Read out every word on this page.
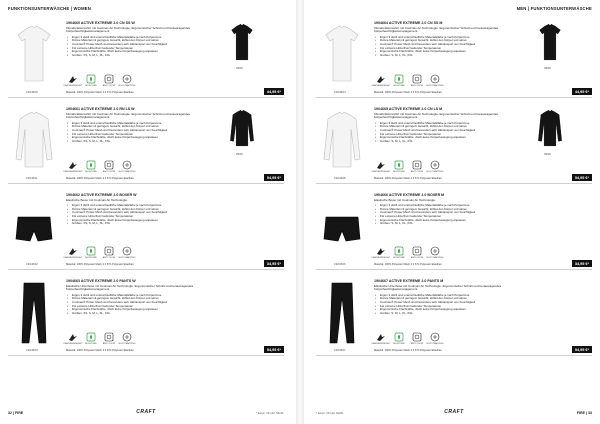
FUNKTIONSUNTERWÄSCHE | WOMEN
1904660
1904660 ACTIVE EXTREME 2.0 CN SS W
Klimafunktionsshirt mit Coolmax Air Technologie. Ergonomischer Schnitt und herausragendes Körperfeuchtigkeitsmanagement.
• Ergon 3 dstrlt und unterschiedliche Materialstärke je nach Körperzone
• Dünne Material mit geringem Gewicht, kühlet den Körper und atmet.
• Coolmax® Power Mesh sind besonders sehr Akkransport von Feuchtigkeit
• Für extreme Hitze/Kurz laufender Temperaturen
• Ergonomische Flachnähte, dlsch keine Körperbewegung anpassen
• Größen: XS, S, M, L, XL, XXL
FEATHERWEIGHT MOISTURE	ANTI ODOR BODY MAPPING
Material: 100% Polyester Mesh 2 0 8 % Polyester Elasthan
9999
44,95 €*
1904661
1904661 ACTIVE EXTREME 2.0 RN LS W
Klimafunktionsshirt mit Coolmax Air Technologie. Ergonomischer Schnitt und herausragendes Körperfeuchtigkeitsmanagement.
• Ergon 3 dstrlt und unterschiedliche Materialstärke je nach Körperzone
• Dünne Material mit geringem Gewicht, kühlet den Körper und atmet.
• Coolmax® Power Mesh sind besonders sehr Akkransport von Feuchtigkeit
• Für extreme Hitze/Kurz laufender Temperaturen
• Ergonomische Flachnähte, dlsch keine Körperbewegung anpassen
• Größen: XS, S, M, L, XL, XXL
FEATHERWEIGHT MOISTURE	ANTI ODOR BODY MAPPING
Material: 100% Polyester Mesh 2 0 8 % Polyester Elasthan
9999
54,95 €*
1904662
1904662 ACTIVE EXTREME 2.0 BOXER W
Elastische Boxer mit Coolmax Air Technologie.
• Ergon 3 dstrlt und unterschiedliche Materialstärke je nach Körperzone
• Dünne Material mit geringem Gewicht, kühlet den Körper und atmet.
• Coolmax® Power Mesh sind besonders sehr Akkransport von Feuchtigkeit
• Für extreme Hitze/Kurz laufender Temperaturen
• Ergonomische Flachnähte, dlsch keine Körperbewegung anpassen
• Größen: XS, S, M, L, XL, XXL
FEATHERWEIGHT MOISTURE	ANTI ODOR BODY MAPPING
Material: 100% Polyester Mesh 2 0 8 % Polyester Elasthan	34,95 €*
1904663
1904663 ACTIVE EXTREME 2.0 PANTS W
Elastische Unterhose mit Coolmax Air Technologie. Ergonomischer Schnitt und herausragendes Körperfeuchtigkeitsmanagement.
• Ergon 3 dstrlt und unterschiedliche Materialstärke je nach Körperzone
• Dünne Material mit geringem Gewicht, kühlet den Körper und atmet.
• Coolmax® Power Mesh sind besonders sehr Akkransport von Feuchtigkeit
• Für extreme Hitze/Kurz laufender Temperaturen
• Ergonomische Flachnähte, dlsch keine Körperbewegung anpassen
• Größen: XS, S, M, L, XL, XXL
FEATHERWEIGHT MOISTURE	ANTI ODOR BODY MAPPING
Material: 100% Polyester Mesh 2 0 8 % Polyester Elasthan	54,95 €*
32 | FIRE	CRAFT	* Empf. VK inkl. MwSt.
MEN | FUNKTIONSUNTERWÄSCHE
1904664
1904664 ACTIVE EXTREME 2.0 CN SS M
Klimafunktionsshirt mit Coolmax Air Technologie. Ergonomischer Schnitt und herausragendes Körperfeuchtigkeitsmanagement.
• Ergon 3 dstrlt und unterschiedliche Materialstärke je nach Körperzone
• Dünne Material mit geringem Gewicht, kühlet den Körper und atmet.
• Coolmax® Power Mesh sind besonders sehr Akkransport von Feuchtigkeit
• Für extreme Hitze/Kurz laufender Temperaturen
• Ergonomische Flachnähte, dlsch keine Körperbewegung anpassen
• Größen: S, M, L, XL, XXL
FEATHERWEIGHT MOISTURE	ANTI ODOR BODY MAPPING
Material: 100% Polyester Mesh 2 0 8 % Polyester Elasthan
9999
44,95 €*
1904665
1904665 ACTIVE EXTREME 2.0 CN LS M
Klimafunktionsshirt mit Coolmax Air Technologie. Ergonomischer Schnitt und herausragendes Körperfeuchtigkeitsmanagement.
• Ergon 3 dstrlt und unterschiedliche Materialstärke je nach Körperzone
• Dünne Material mit geringem Gewicht, kühlet den Körper und atmet.
• Coolmax® Power Mesh sind besonders sehr Akkransport von Feuchtigkeit
• Für extreme Hitze/Kurz laufender Temperaturen
• Ergonomische Flachnähte, dlsch keine Körperbewegung anpassen
• Größen: S, M, L, XL, XXL
FEATHERWEIGHT MOISTURE	ANTI ODOR BODY MAPPING
Material: 100% Polyester Mesh 2 0 8 % Polyester Elasthan
9999
54,95 €*
1904666
1904666 ACTIVE EXTREME 2.0 BOXER M
Elastische Boxer mit Coolmax Air Technologie.
• Ergon 3 dstrlt und unterschiedliche Materialstärke je nach Körperzone
• Dünne Material mit geringem Gewicht, kühlet den Körper und atmet.
• Coolmax® Power Mesh sind besonders sehr Akkransport von Feuchtigkeit
• Für extreme Hitze/Kurz laufender Temperaturen
• Ergonomische Flachnähte, dlsch keine Körperbewegung anpassen
• Größen: S, M, L, XL, XXL
FEATHERWEIGHT MOISTURE	ANTI ODOR BODY MAPPING
Material: 100% Polyester Mesh 2 0 8 % Polyester Elasthan	34,95 €*
1904667
1904667 ACTIVE EXTREME 2.0 PANTS M
Elastische Unterhose mit Coolmax Air Technologie. Ergonomischer Schnitt und herausragendes Körperfeuchtigkeitsmanagement.
• Ergon 3 dstrlt und unterschiedliche Materialstärke je nach Körperzone
• Dünne Material mit geringem Gewicht, kühlet den Körper und atmet.
• Coolmax® Power Mesh sind besonders sehr Akkransport von Feuchtigkeit
• Für extreme Hitze/Kurz laufender Temperaturen
• Ergonomische Flachnähte, dlsch keine Körperbewegung anpassen
• Größen: S, M, L, XL, XXL
FEATHERWEIGHT MOISTURE	ANTI ODOR BODY MAPPING
Material: 100% Polyester Mesh 2 0 8 % Polyester Elasthan	54,95 €*
FIRE | 33
CRAFT
* Empf. VK inkl. MwSt.
